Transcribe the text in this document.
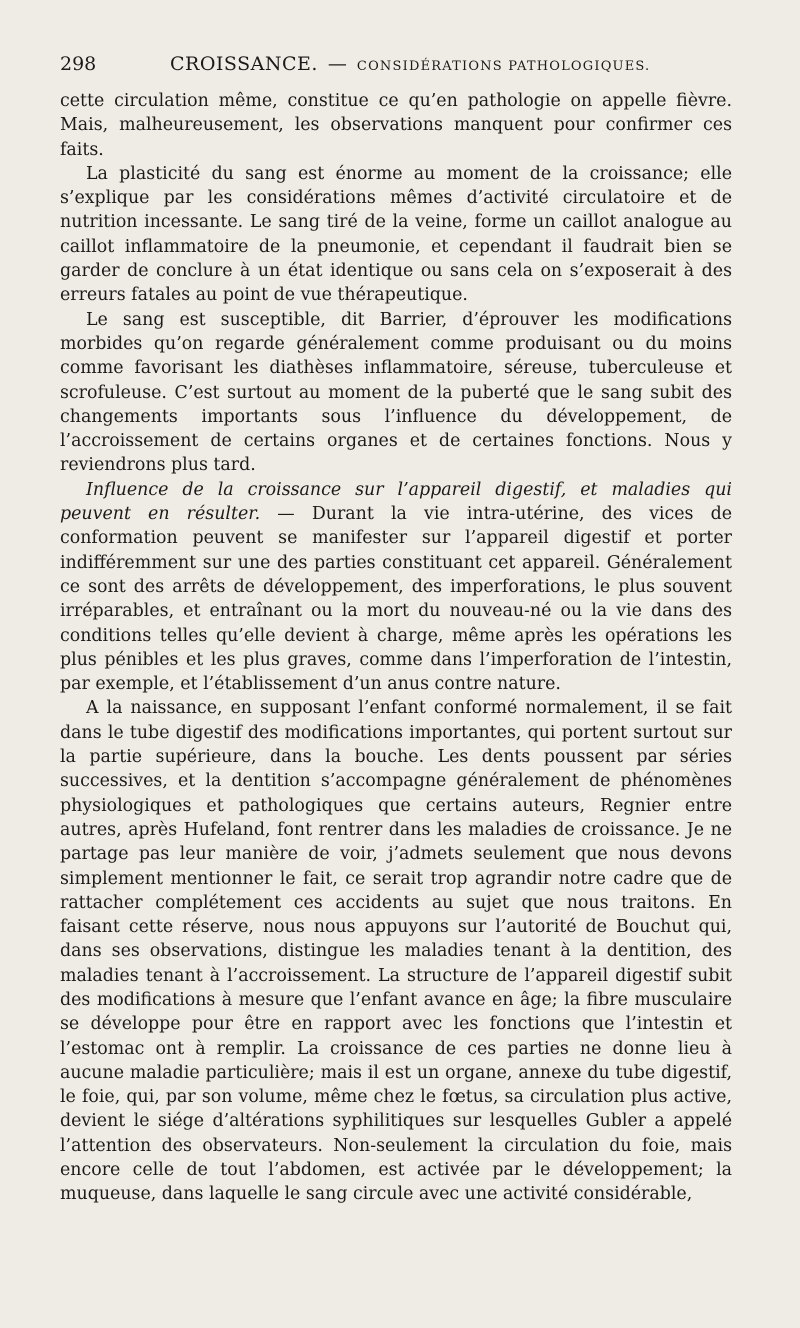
298	CROISSANCE. — CONSIDÉRATIONS PATHOLOGIQUES.

cette circulation même, constitue ce qu’en pathologie on appelle fièvre. Mais, malheureusement, les observations manquent pour confirmer ces faits.

La plasticité du sang est énorme au moment de la croissance; elle s’explique par les considérations mêmes d’activité circulatoire et de nutrition incessante. Le sang tiré de la veine, forme un caillot analogue au caillot inflammatoire de la pneumonie, et cependant il faudrait bien se garder de conclure à un état identique ou sans cela on s’exposerait à des erreurs fatales au point de vue thérapeutique.

Le sang est susceptible, dit Barrier, d’éprouver les modifications morbides qu’on regarde généralement comme produisant ou du moins comme favorisant les diathèses inflammatoire, séreuse, tuberculeuse et scrofuleuse. C’est surtout au moment de la puberté que le sang subit des changements importants sous l’influence du développement, de l’accroissement de certains organes et de certaines fonctions. Nous y reviendrons plus tard.

Influence de la croissance sur l’appareil digestif, et maladies qui peuvent en résulter. — Durant la vie intra-utérine, des vices de conformation peuvent se manifester sur l’appareil digestif et porter indifféremment sur une des parties constituant cet appareil. Généralement ce sont des arrêts de développement, des imperforations, le plus souvent irréparables, et entraînant ou la mort du nouveau-né ou la vie dans des conditions telles qu’elle devient à charge, même après les opérations les plus pénibles et les plus graves, comme dans l’imperforation de l’intestin, par exemple, et l’établissement d’un anus contre nature.

A la naissance, en supposant l’enfant conformé normalement, il se fait dans le tube digestif des modifications importantes, qui portent surtout sur la partie supérieure, dans la bouche. Les dents poussent par séries successives, et la dentition s’accompagne généralement de phénomènes physiologiques et pathologiques que certains auteurs, Regnier entre autres, après Hufeland, font rentrer dans les maladies de croissance. Je ne partage pas leur manière de voir, j’admets seulement que nous devons simplement mentionner le fait, ce serait trop agrandir notre cadre que de rattacher complétement ces accidents au sujet que nous traitons. En faisant cette réserve, nous nous appuyons sur l’autorité de Bouchut qui, dans ses observations, distingue les maladies tenant à la dentition, des maladies tenant à l’accroissement. La structure de l’appareil digestif subit des modifications à mesure que l’enfant avance en âge; la fibre musculaire se développe pour être en rapport avec les fonctions que l’intestin et l’estomac ont à remplir. La croissance de ces parties ne donne lieu à aucune maladie particulière; mais il est un organe, annexe du tube digestif, le foie, qui, par son volume, même chez le fœtus, sa circulation plus active, devient le siége d’altérations syphilitiques sur lesquelles Gubler a appelé l’attention des observateurs. Non-seulement la circulation du foie, mais encore celle de tout l’abdomen, est activée par le développement; la muqueuse, dans laquelle le sang circule avec une activité considérable,
